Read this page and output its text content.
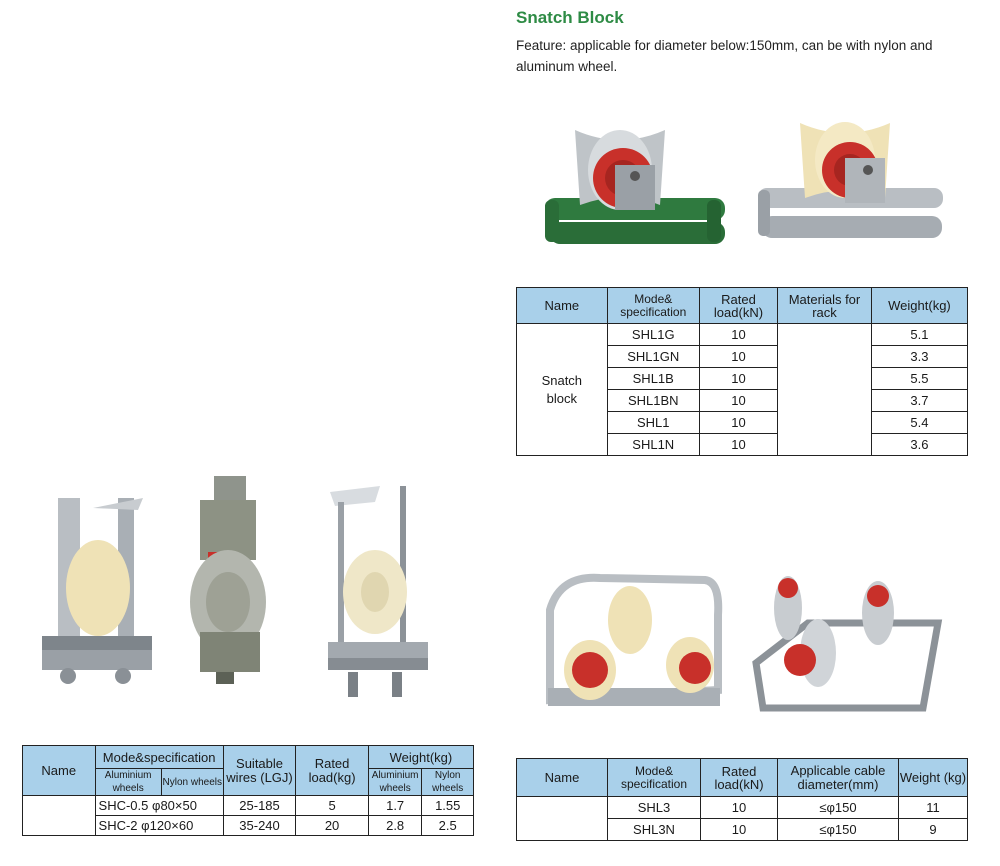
Snatch Block
Feature: applicable for diameter below:150mm, can be with nylon and aluminum wheel.
Name	Mode& specification	Rated load(kN)	Materials for rack	Weight(kg)
Snatch block	SHL1G	10		5.1
	SHL1GN	10		3.3
	SHL1B	10		5.5
	SHL1BN	10		3.7
	SHL1	10		5.4
	SHL1N	10		3.6
Name	Mode&specification		Suitable wires (LGJ)	Rated load(kg)	Weight(kg)	
	Aluminium wheels	Nylon wheels			Aluminium wheels	Nylon wheels
	SHC-0.5 φ80×50		25-185	5	1.7	1.55
	SHC-2 φ120×60		35-240	20	2.8	2.5
Name	Mode& specification	Rated load(kN)	Applicable cable diameter(mm)	Weight (kg)
	SHL3	10	≤φ150	11
	SHL3N	10	≤φ150	9
